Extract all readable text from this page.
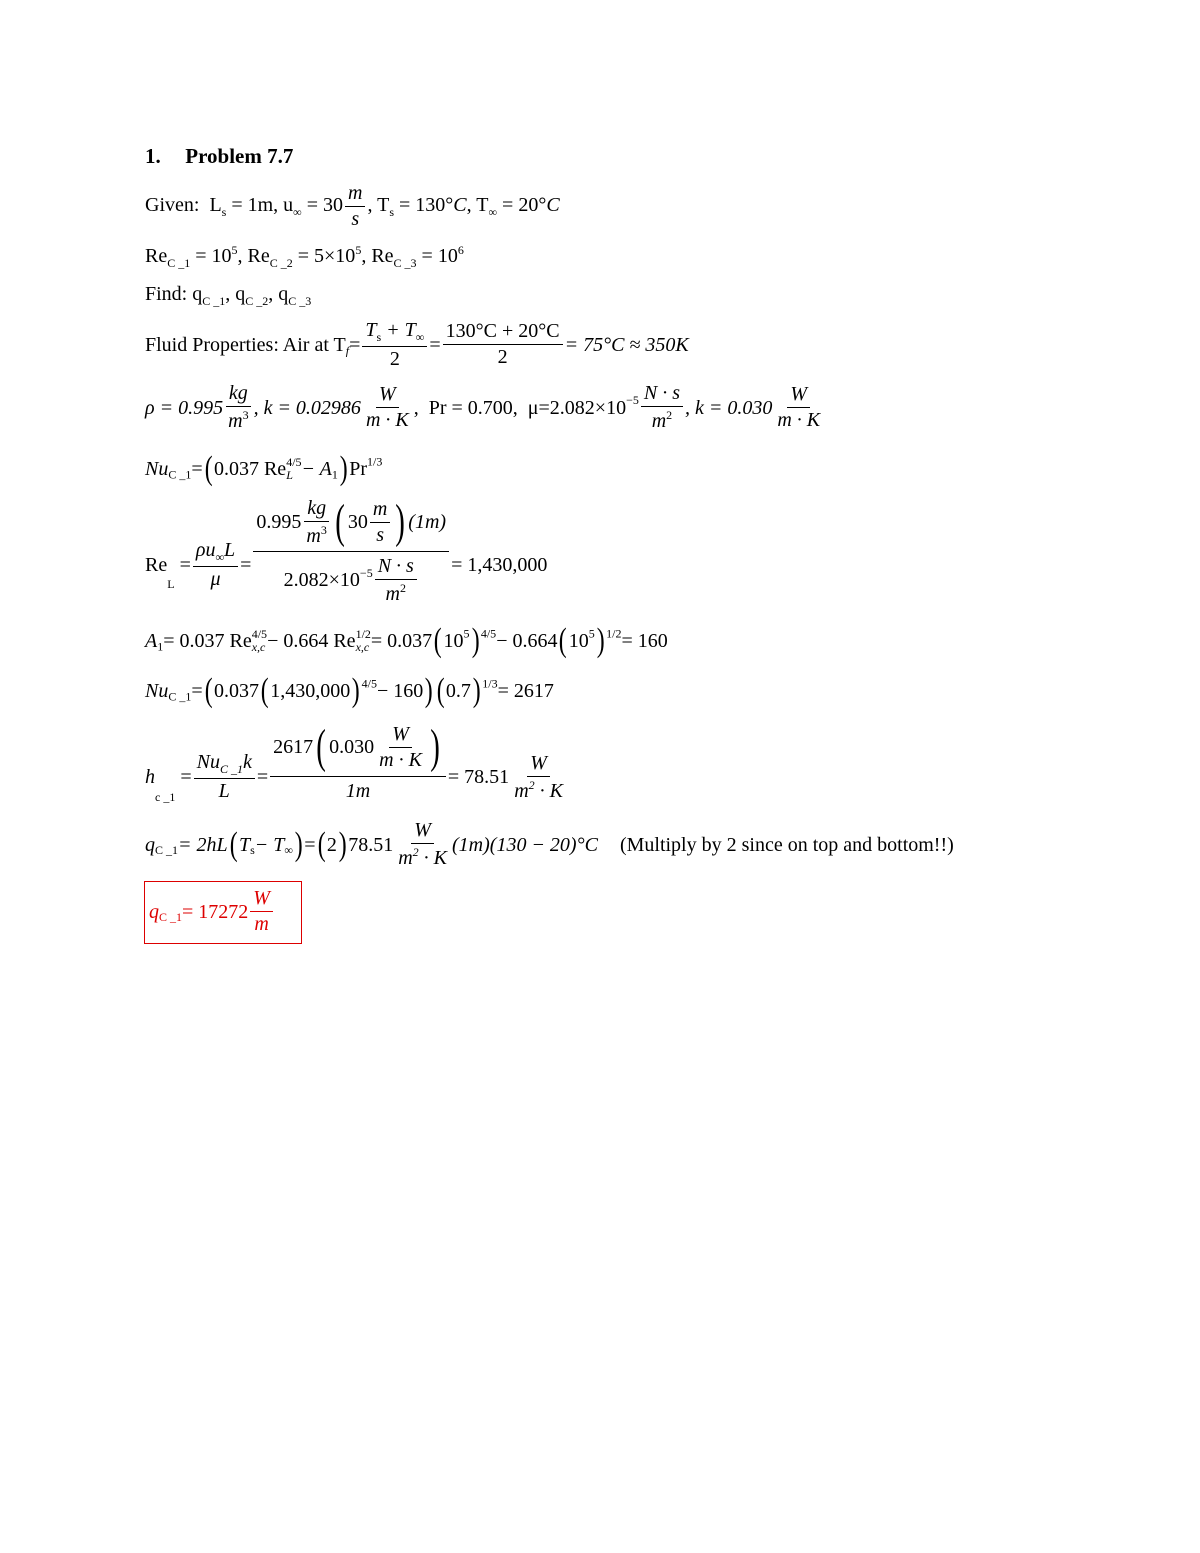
1. Problem 7.7
Given: $L_s = 1m$, $u_\infty = 30 \frac{m}{s}$ , $T_s = 130^\circ C$, $T_\infty = 20^\circ C$
$Re_{C \_1} = 10^5$, $Re_{C \_2} = 5\times 10^5$, $Re_{C \_3} = 10^6$
Find: $q_{C \_1}$, $q_{C \_2}$, $q_{C \_3}$
Fluid Properties: Air at $T_f= \frac{T_s + T_\infty}{2} = \frac{130^\circ C + 20^\circ C}{2} = 75^\circ C \approx 350K$
$\rho = 0.995 \frac{kg}{m^3}$ , $k = 0.02986 \frac{W}{m \cdot K}$ ,  Pr = 0.700,  $\mu=2.082\times 10-5 \frac{N \cdot s}{m^2}$ , $k = 0.030 \frac{W}{m \cdot K}$
$Nu_{C \_1}=(0.037$ Re 4/5
$L - A_1)Pr^{1/3}$
$Re_L = \frac{\rho u_\infty L}{\mu} = \frac{0.995 \frac{kg}{m^3} ( 30 \frac{m}{s} ) (1m)}{2.082\times 10-5 \frac{N \cdot s}{m^2}} = 1,430,000$
$A_1= 0.037$ Re 4/5
x,c − 0.664 Re 1/2
$x,c = 0.037(10^5)$ $^{4/5}- 0.664(10^5)$ $^{1/2}$= 160
$Nu_{C \_1}=(0.037(1,430,000)$ $^{4/5}$− 160)(0.7) $^{1/3}$= 2617
$h_{c \_1} = \frac{Nu_{C \_1}k}{L} = \frac{2617( 0.030 \frac{W}{m \cdot K} )}{1m} = 78.51 \frac{W}{m^2 \cdot K}$
$q_{C \_1}= 2hL(T_s- T_\infty)=(2)78.51 \frac{W}{m^2 \cdot K} (1m)(130 - 20)^\circ C$ (Multiply by 2 since on top and bottom!!)
$q_{C \_1}= 17272 \frac{W}{m}$
